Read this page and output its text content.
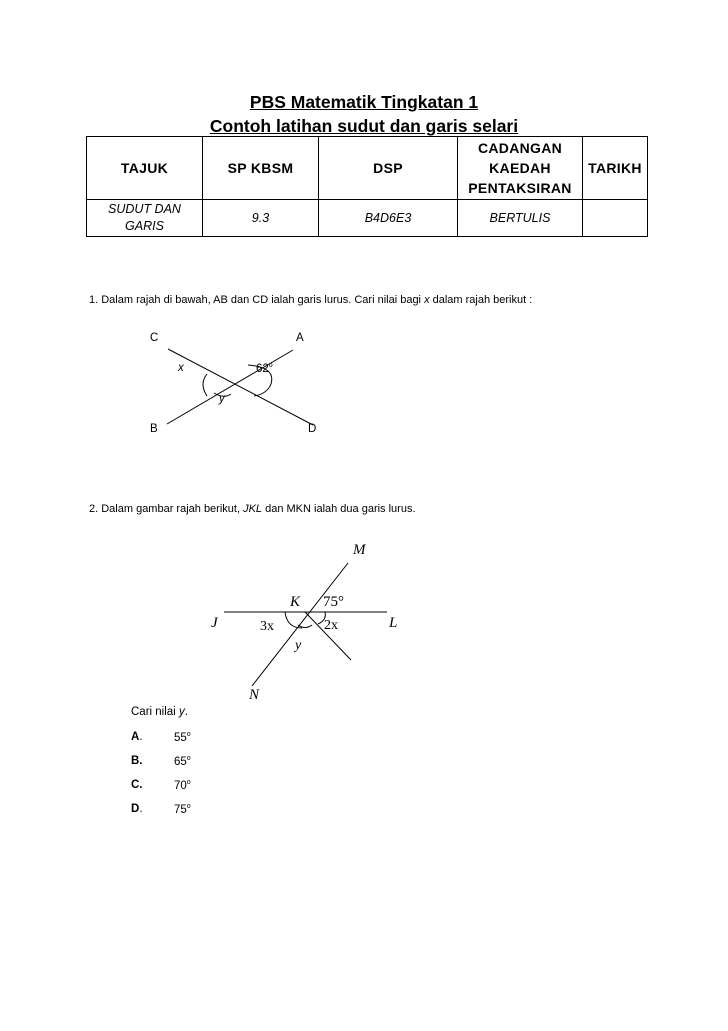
PBS Matematik Tingkatan 1
Contoh latihan sudut dan garis selari
TAJUK	SP KBSM	DSP	CADANGAN KAEDAH PENTAKSIRAN	TARIKH
SUDUT DAN GARIS	9.3	B4D6E3	BERTULIS	
1. Dalam rajah di bawah, AB dan CD ialah garis lurus. Cari nilai bagi x dalam rajah berikut :
C	A
x	62$^o$
y
B	D
2. Dalam gambar rajah berikut, JKL dan MKN ialah dua garis lurus.
M
K 75°
J	3x	2x	L
y
N
Cari nilai y.
A.	55$^o$
B.	65$^o$
C.	70$^o$
D.	75$^o$
